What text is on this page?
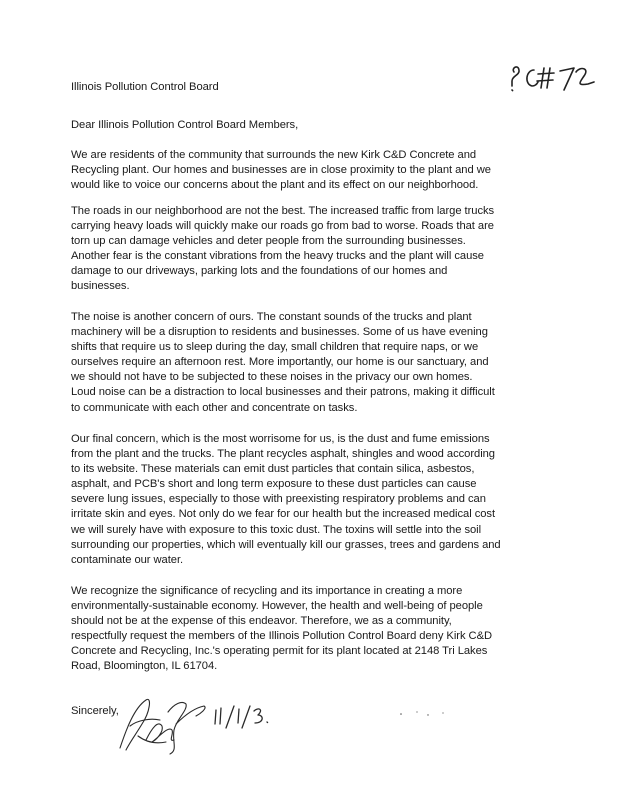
Illinois Pollution Control Board

Dear Illinois Pollution Control Board Members,

We are residents of the community that surrounds the new Kirk C&D Concrete and
Recycling plant. Our homes and businesses are in close proximity to the plant and we
would like to voice our concerns about the plant and its effect on our neighborhood.

The roads in our neighborhood are not the best. The increased traffic from large trucks
carrying heavy loads will quickly make our roads go from bad to worse. Roads that are
torn up can damage vehicles and deter people from the surrounding businesses.
Another fear is the constant vibrations from the heavy trucks and the plant will cause
damage to our driveways, parking lots and the foundations of our homes and
businesses.

The noise is another concern of ours. The constant sounds of the trucks and plant
machinery will be a disruption to residents and businesses. Some of us have evening
shifts that require us to sleep during the day, small children that require naps, or we
ourselves require an afternoon rest. More importantly, our home is our sanctuary, and
we should not have to be subjected to these noises in the privacy our own homes.
Loud noise can be a distraction to local businesses and their patrons, making it difficult
to communicate with each other and concentrate on tasks.

Our final concern, which is the most worrisome for us, is the dust and fume emissions
from the plant and the trucks. The plant recycles asphalt, shingles and wood according
to its website. These materials can emit dust particles that contain silica, asbestos,
asphalt, and PCB's short and long term exposure to these dust particles can cause
severe lung issues, especially to those with preexisting respiratory problems and can
irritate skin and eyes. Not only do we fear for our health but the increased medical cost
we will surely have with exposure to this toxic dust. The toxins will settle into the soil
surrounding our properties, which will eventually kill our grasses, trees and gardens and
contaminate our water.

We recognize the significance of recycling and its importance in creating a more
environmentally-sustainable economy. However, the health and well-being of people
should not be at the expense of this endeavor. Therefore, we as a community,
respectfully request the members of the Illinois Pollution Control Board deny Kirk C&D
Concrete and Recycling, Inc.'s operating permit for its plant located at 2148 Tri Lakes
Road, Bloomington, IL 61704.

Sincerely,
